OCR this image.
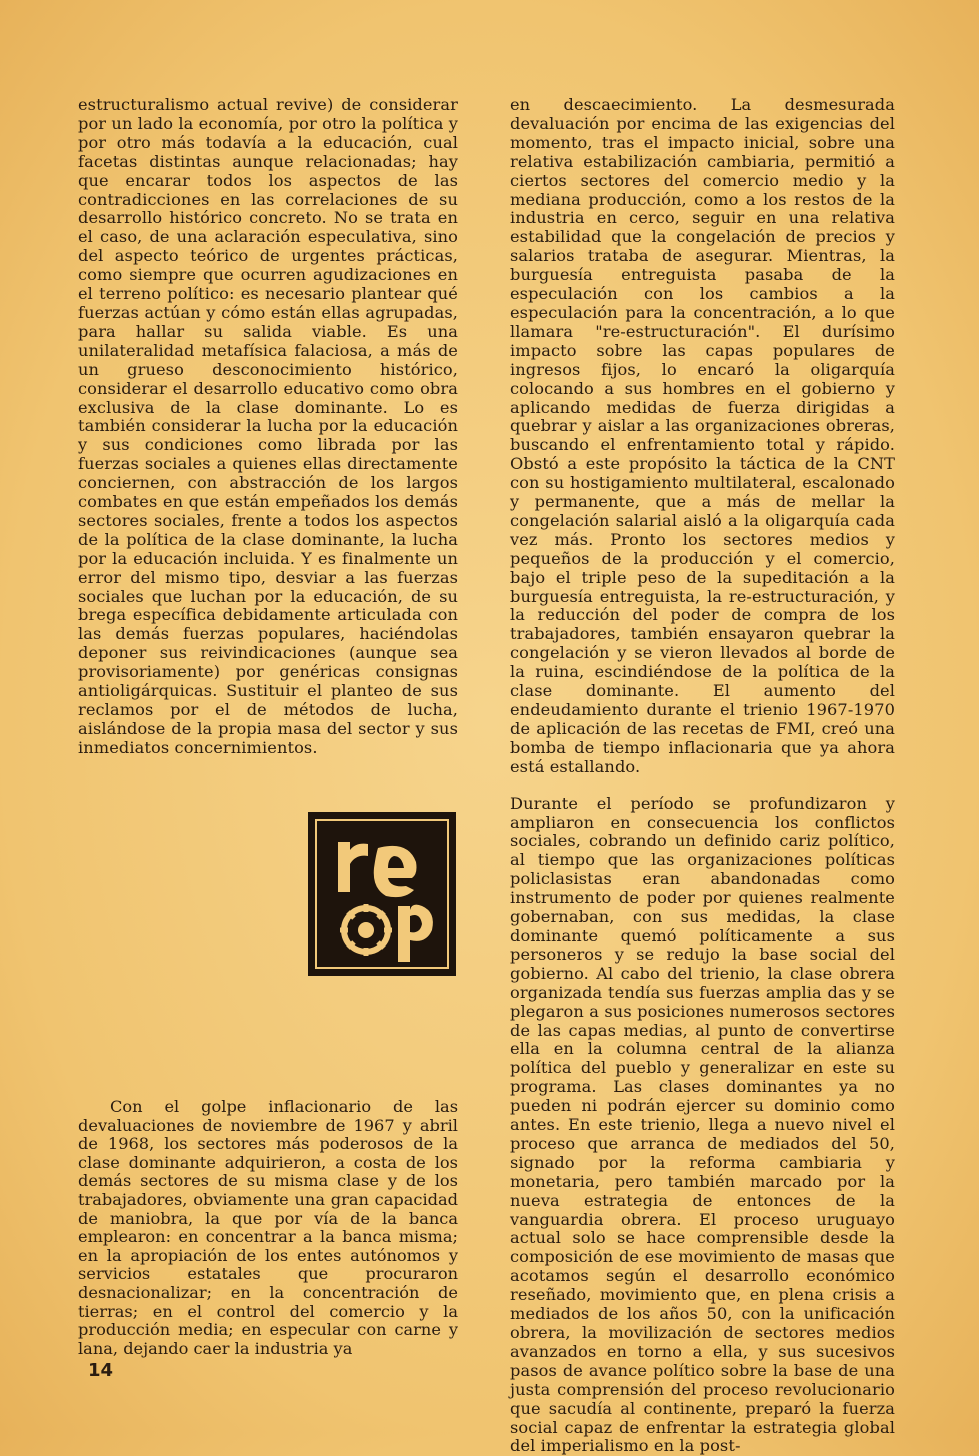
estructuralismo actual revive) de considerar por un lado la economía, por otro la política y por otro más todavía a la educación, cual facetas distintas aunque relacionadas; hay que encarar todos los aspectos de las contradicciones en las correlaciones de su desarrollo histórico concreto. No se trata en el caso, de una aclaración especulativa, sino del aspecto teórico de urgentes prácticas, como siempre que ocurren agudizaciones en el terreno político: es necesario plantear qué fuerzas actúan y cómo están ellas agrupadas, para hallar su salida viable. Es una unilateralidad metafísica falaciosa, a más de un grueso desconocimiento histórico, considerar el desarrollo educativo como obra exclusiva de la clase dominante. Lo es también considerar la lucha por la educación y sus condiciones como librada por las fuerzas sociales a quienes ellas directamente conciernen, con abstracción de los largos combates en que están empeñados los demás sectores sociales, frente a todos los aspectos de la política de la clase dominante, la lucha por la educación incluida. Y es finalmente un error del mismo tipo, desviar a las fuerzas sociales que luchan por la educación, de su brega específica debidamente articulada con las demás fuerzas populares, haciéndolas deponer sus reivindicaciones (aunque sea provisoriamente) por genéricas consignas antioligárquicas. Sustituir el planteo de sus reclamos por el de métodos de lucha, aislándose de la propia masa del sector y sus inmediatos concernimientos.

Con el golpe inflacionario de las devaluaciones de noviembre de 1967 y abril de 1968, los sectores más poderosos de la clase dominante adquirieron, a costa de los demás sectores de su misma clase y de los trabajadores, obviamente una gran capacidad de maniobra, la que por vía de la banca emplearon: en concentrar a la banca misma; en la apropiación de los entes autónomos y servicios estatales que procuraron desnacionalizar; en la concentración de tierras; en el control del comercio y la producción media; en especular con carne y lana, dejando caer la industria ya

en descaecimiento. La desmesurada devaluación por encima de las exigencias del momento, tras el impacto inicial, sobre una relativa estabilización cambiaria, permitió a ciertos sectores del comercio medio y la mediana producción, como a los restos de la industria en cerco, seguir en una relativa estabilidad que la congelación de precios y salarios trataba de asegurar. Mientras, la burguesía entreguista pasaba de la especulación con los cambios a la especulación para la concentración, a lo que llamara "re-estructuración". El durísimo impacto sobre las capas populares de ingresos fijos, lo encaró la oligarquía colocando a sus hombres en el gobierno y aplicando medidas de fuerza dirigidas a quebrar y aislar a las organizaciones obreras, buscando el enfrentamiento total y rápido. Obstó a este propósito la táctica de la CNT con su hostigamiento multilateral, escalonado y permanente, que a más de mellar la congelación salarial aisló a la oligarquía cada vez más. Pronto los sectores medios y pequeños de la producción y el comercio, bajo el triple peso de la supeditación a la burguesía entreguista, la re-estructuración, y la reducción del poder de compra de los trabajadores, también ensayaron quebrar la congelación y se vieron llevados al borde de la ruina, escindiéndose de la política de la clase dominante. El aumento del endeudamiento durante el trienio 1967-1970 de aplicación de las recetas de FMI, creó una bomba de tiempo inflacionaria que ya ahora está estallando.

Durante el período se profundizaron y ampliaron en consecuencia los conflictos sociales, cobrando un definido cariz político, al tiempo que las organizaciones políticas policlasistas eran abandonadas como instrumento de poder por quienes realmente gobernaban, con sus medidas, la clase dominante quemó políticamente a sus personeros y se redujo la base social del gobierno. Al cabo del trienio, la clase obrera organizada tendía sus fuerzas amplia das y se plegaron a sus posiciones numerosos sectores de las capas medias, al punto de convertirse ella en la columna central de la alianza política del pueblo y generalizar en este su programa. Las clases dominantes ya no pueden ni podrán ejercer su dominio como antes. En este trienio, llega a nuevo nivel el proceso que arranca de mediados del 50, signado por la reforma cambiaria y monetaria, pero también marcado por la nueva estrategia de entonces de la vanguardia obrera. El proceso uruguayo actual solo se hace comprensible desde la composición de ese movimiento de masas que acotamos según el desarrollo económico reseñado, movimiento que, en plena crisis a mediados de los años 50, con la unificación obrera, la movilización de sectores medios avanzados en torno a ella, y sus sucesivos pasos de avance político sobre la base de una justa comprensión del proceso revolucionario que sacudía al continente, preparó la fuerza social capaz de enfrentar la estrategia global del imperialismo en la post-

14
